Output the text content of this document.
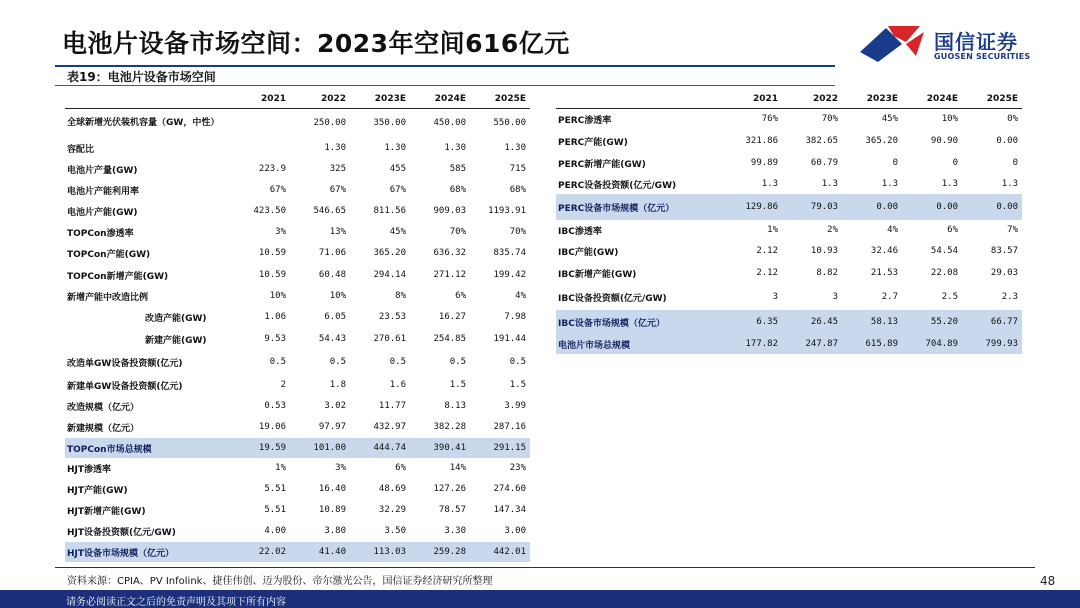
电池片设备市场空间：2023年空间616亿元	国信证券
GUOSEN SECURITIES
表19：电池片设备市场空间
	2021	2022	2023E	2024E	2025E
全球新增光伏装机容量（GW，中性）		250.00	350.00	450.00	550.00
容配比		1.30	1.30	1.30	1.30
电池片产量(GW)	223.9	325	455	585	715
电池片产能利用率	67%	67%	67%	68%	68%
电池片产能(GW)	423.50	546.65	811.56	909.03	1193.91
TOPCon渗透率	3%	13%	45%	70%	70%
TOPCon产能(GW)	10.59	71.06	365.20	636.32	835.74
TOPCon新增产能(GW)	10.59	60.48	294.14	271.12	199.42
新增产能中改造比例	10%	10%	8%	6%	4%
改造产能(GW)	1.06	6.05	23.53	16.27	7.98
新建产能(GW)	9.53	54.43	270.61	254.85	191.44
改造单GW设备投资额(亿元)	0.5	0.5	0.5	0.5	0.5
新建单GW设备投资额(亿元)	2	1.8	1.6	1.5	1.5
改造规模（亿元）	0.53	3.02	11.77	8.13	3.99
新建规模（亿元）	19.06	97.97	432.97	382.28	287.16
TOPCon市场总规模	19.59	101.00	444.74	390.41	291.15
HJT渗透率	1%	3%	6%	14%	23%
HJT产能(GW)	5.51	16.40	48.69	127.26	274.60
HJT新增产能(GW)	5.51	10.89	32.29	78.57	147.34
HJT设备投资额(亿元/GW)	4.00	3.80	3.50	3.30	3.00
HJT设备市场规模（亿元）	22.02	41.40	113.03	259.28	442.01
	2021	2022	2023E	2024E	2025E
PERC渗透率	76%	70%	45%	10%	0%
PERC产能(GW)	321.86	382.65	365.20	90.90	0.00
PERC新增产能(GW)	99.89	60.79	0	0	0
PERC设备投资额(亿元/GW)	1.3	1.3	1.3	1.3	1.3
PERC设备市场规模（亿元）	129.86	79.03	0.00	0.00	0.00
IBC渗透率	1%	2%	4%	6%	7%
IBC产能(GW)	2.12	10.93	32.46	54.54	83.57
IBC新增产能(GW)	2.12	8.82	21.53	22.08	29.03
IBC设备投资额(亿元/GW)	3	3	2.7	2.5	2.3
IBC设备市场规模（亿元）	6.35	26.45	58.13	55.20	66.77
电池片市场总规模	177.82	247.87	615.89	704.89	799.93
资料来源：CPIA、PV Infolink、捷佳伟创、迈为股份、帝尔激光公告，国信证券经济研究所整理	48
请务必阅读正文之后的免责声明及其项下所有内容
